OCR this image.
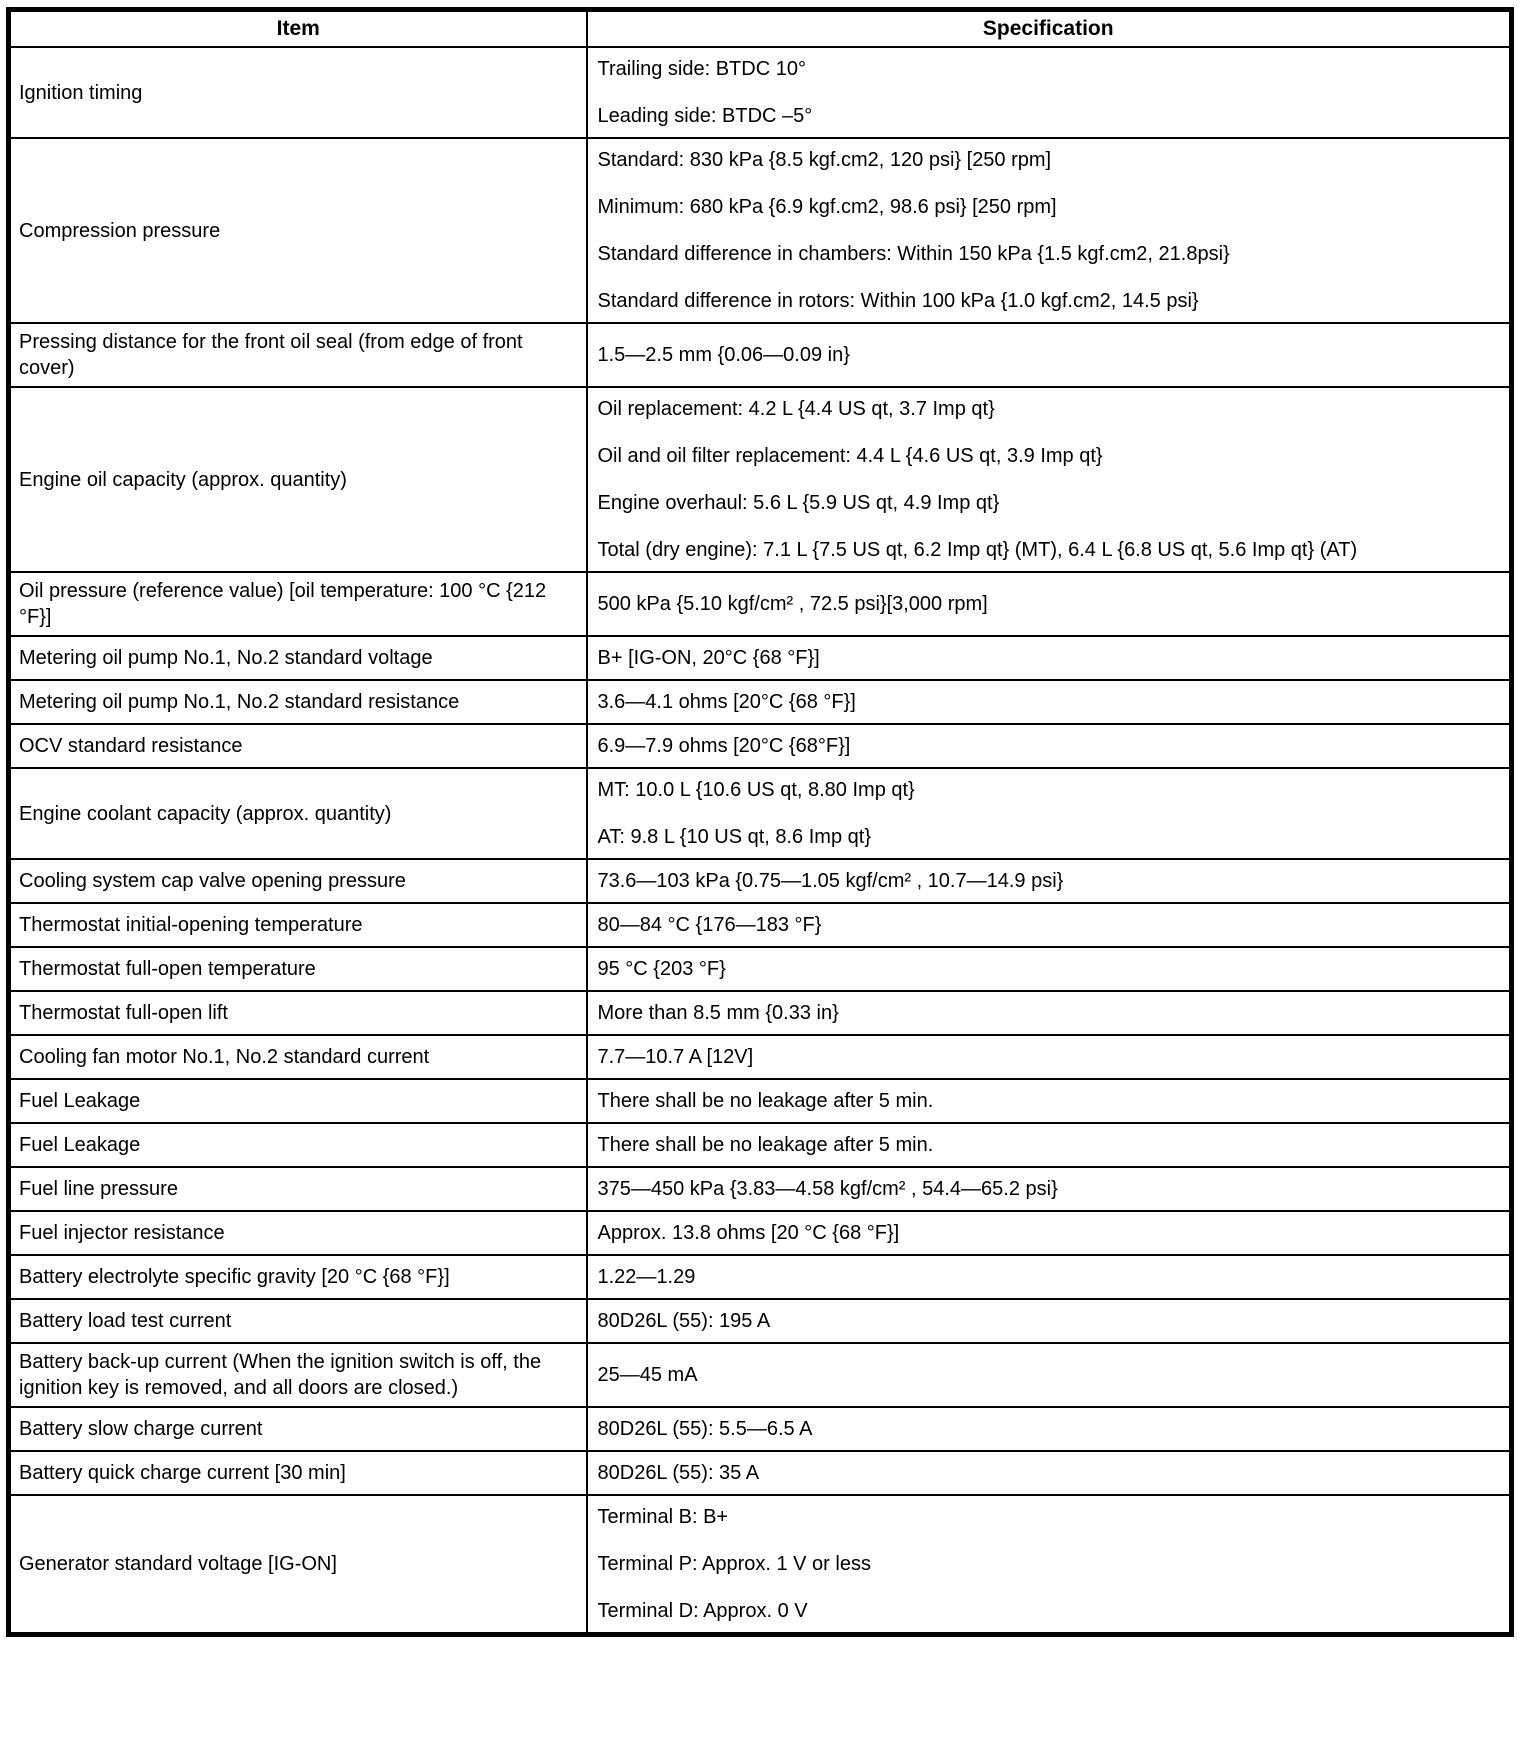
Item	Specification
Ignition timing	Trailing side: BTDC 10°
Leading side: BTDC –5°

Compression pressure	Standard: 830 kPa {8.5 kgf.cm2, 120 psi} [250 rpm]
Minimum: 680 kPa {6.9 kgf.cm2, 98.6 psi} [250 rpm]
Standard difference in chambers: Within 150 kPa {1.5 kgf.cm2, 21.8psi}
Standard difference in rotors: Within 100 kPa {1.0 kgf.cm2, 14.5 psi}

Pressing distance for the front oil seal (from edge of front cover)	1.5—2.5 mm {0.06—0.09 in}

Engine oil capacity (approx. quantity)	Oil replacement: 4.2 L {4.4 US qt, 3.7 Imp qt}
Oil and oil filter replacement: 4.4 L {4.6 US qt, 3.9 Imp qt}
Engine overhaul: 5.6 L {5.9 US qt, 4.9 Imp qt}
Total (dry engine): 7.1 L {7.5 US qt, 6.2 Imp qt} (MT), 6.4 L {6.8 US qt, 5.6 Imp qt} (AT)

Oil pressure (reference value) [oil temperature: 100 °C {212 °F}]	500 kPa {5.10 kgf/cm² , 72.5 psi}[3,000 rpm]

Metering oil pump No.1, No.2 standard voltage	B+ [IG-ON, 20°C {68 °F}]

Metering oil pump No.1, No.2 standard resistance	3.6—4.1 ohms [20°C {68 °F}]

OCV standard resistance	6.9—7.9 ohms [20°C {68°F}]

Engine coolant capacity (approx. quantity)	MT: 10.0 L {10.6 US qt, 8.80 Imp qt}
AT: 9.8 L {10 US qt, 8.6 Imp qt}

Cooling system cap valve opening pressure	73.6—103 kPa {0.75—1.05 kgf/cm² , 10.7—14.9 psi}

Thermostat initial-opening temperature	80—84 °C {176—183 °F}

Thermostat full-open temperature	95 °C {203 °F}

Thermostat full-open lift	More than 8.5 mm {0.33 in}

Cooling fan motor No.1, No.2 standard current	7.7—10.7 A [12V]

Fuel Leakage	There shall be no leakage after 5 min.

Fuel Leakage	There shall be no leakage after 5 min.

Fuel line pressure	375—450 kPa {3.83—4.58 kgf/cm² , 54.4—65.2 psi}

Fuel injector resistance	Approx. 13.8 ohms [20 °C {68 °F}]

Battery electrolyte specific gravity [20 °C {68 °F}]	1.22—1.29

Battery load test current	80D26L (55): 195 A

Battery back-up current (When the ignition switch is off, the ignition key is removed, and all doors are closed.)	25—45 mA

Battery slow charge current	80D26L (55): 5.5—6.5 A

Battery quick charge current [30 min]	80D26L (55): 35 A

Generator standard voltage [IG-ON]	Terminal B: B+
Terminal P: Approx. 1 V or less
Terminal D: Approx. 0 V
